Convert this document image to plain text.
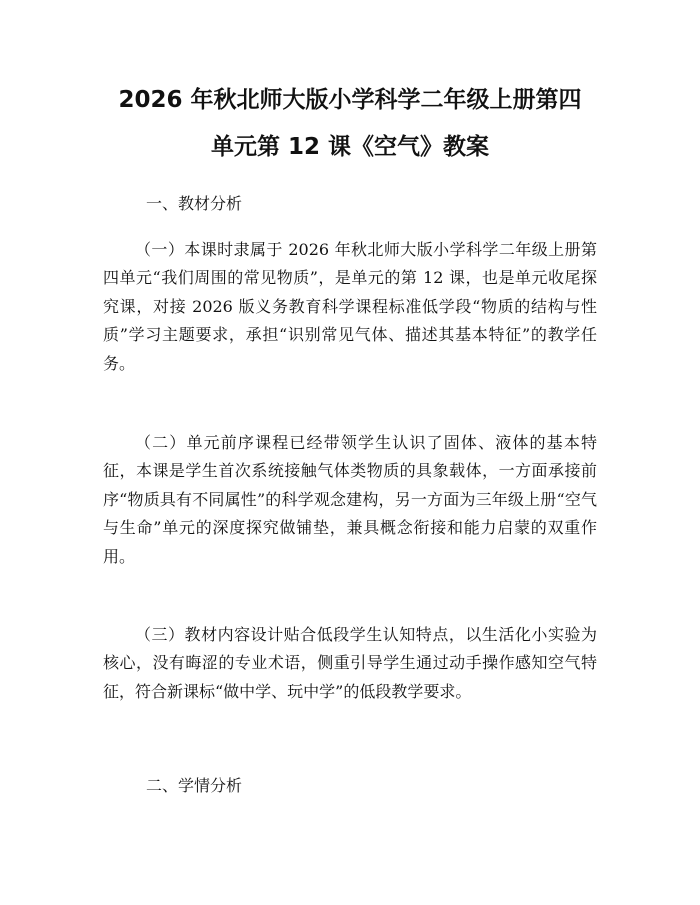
2026 年秋北师大版小学科学二年级上册第四
单元第 12 课《空气》教案

一、教材分析

（一）本课时隶属于 2026 年秋北师大版小学科学二年级上册第四单元“我们周围的常见物质”，是单元的第 12 课，也是单元收尾探究课，对接 2026 版义务教育科学课程标准低学段“物质的结构与性质”学习主题要求，承担“识别常见气体、描述其基本特征”的教学任务。

（二）单元前序课程已经带领学生认识了固体、液体的基本特征，本课是学生首次系统接触气体类物质的具象载体，一方面承接前序“物质具有不同属性”的科学观念建构，另一方面为三年级上册“空气与生命”单元的深度探究做铺垫，兼具概念衔接和能力启蒙的双重作用。

（三）教材内容设计贴合低段学生认知特点，以生活化小实验为核心，没有晦涩的专业术语，侧重引导学生通过动手操作感知空气特征，符合新课标“做中学、玩中学”的低段教学要求。

二、学情分析
